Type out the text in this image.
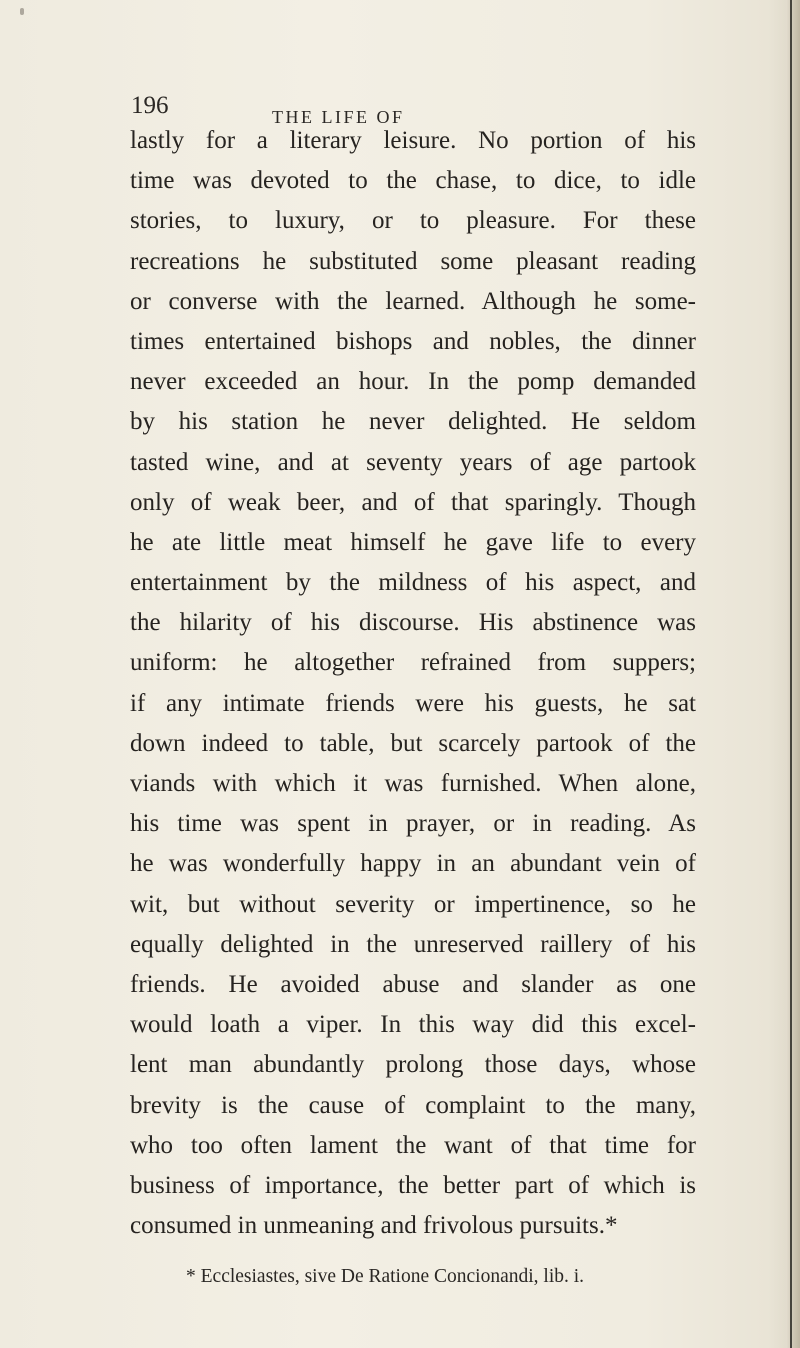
196	THE LIFE OF
lastly for a literary leisure. No portion of his
time was devoted to the chase, to dice, to idle
stories, to luxury, or to pleasure. For these
recreations he substituted some pleasant reading
or converse with the learned. Although he some-
times entertained bishops and nobles, the dinner
never exceeded an hour. In the pomp demanded
by his station he never delighted. He seldom
tasted wine, and at seventy years of age partook
only of weak beer, and of that sparingly. Though
he ate little meat himself he gave life to every
entertainment by the mildness of his aspect, and
the hilarity of his discourse. His abstinence was
uniform: he altogether refrained from suppers;
if any intimate friends were his guests, he sat
down indeed to table, but scarcely partook of the
viands with which it was furnished. When alone,
his time was spent in prayer, or in reading. As
he was wonderfully happy in an abundant vein of
wit, but without severity or impertinence, so he
equally delighted in the unreserved raillery of his
friends. He avoided abuse and slander as one
would loath a viper. In this way did this excel-
lent man abundantly prolong those days, whose
brevity is the cause of complaint to the many,
who too often lament the want of that time for
business of importance, the better part of which is
consumed in unmeaning and frivolous pursuits.*
* Ecclesiastes, sive De Ratione Concionandi, lib. i.
